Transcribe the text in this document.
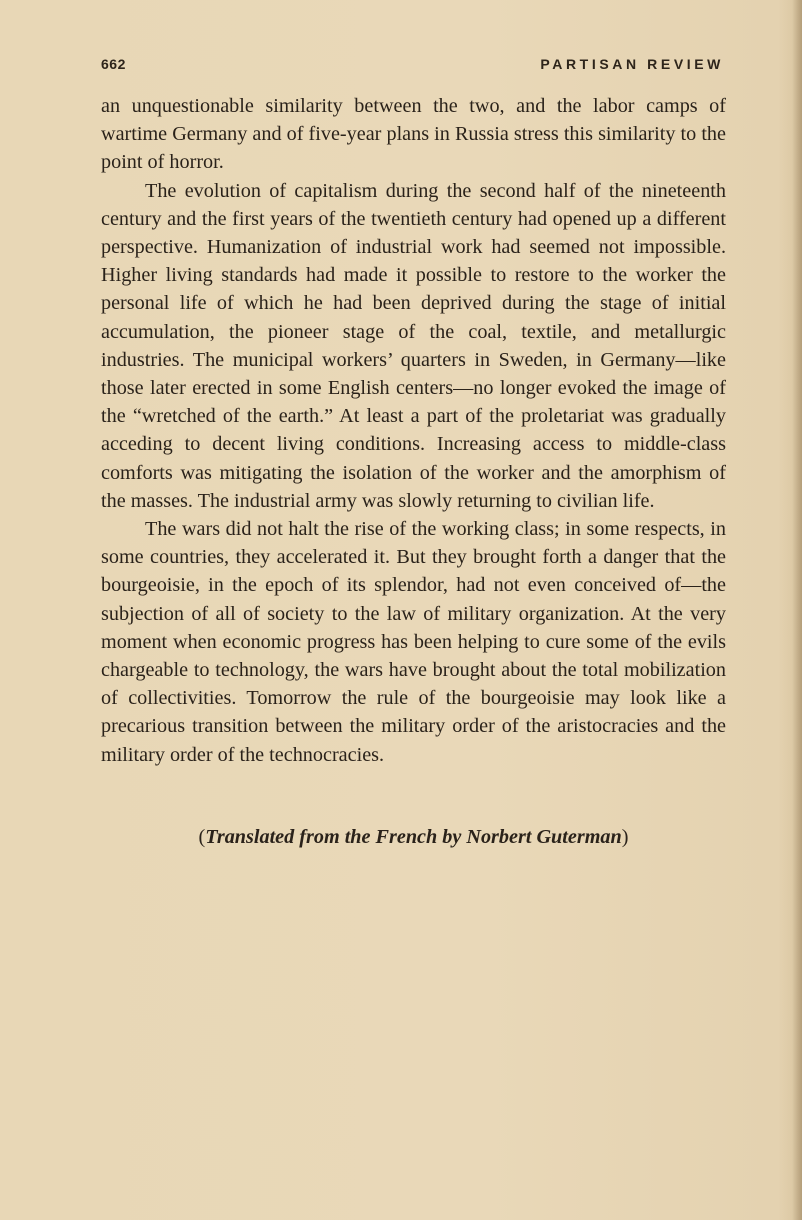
662	PARTISAN REVIEW

an unquestionable similarity between the two, and the labor camps of wartime Germany and of five-year plans in Russia stress this similarity to the point of horror.

The evolution of capitalism during the second half of the nineteenth century and the first years of the twentieth century had opened up a different perspective. Humanization of industrial work had seemed not impossible. Higher living standards had made it possible to restore to the worker the personal life of which he had been deprived during the stage of initial accumulation, the pioneer stage of the coal, textile, and metallurgic industries. The municipal workers’ quarters in Sweden, in Germany—like those later erected in some English centers—no longer evoked the image of the “wretched of the earth.” At least a part of the proletariat was gradually acceding to decent living conditions. Increasing access to middle-class comforts was mitigating the isolation of the worker and the amorphism of the masses. The industrial army was slowly returning to civilian life.

The wars did not halt the rise of the working class; in some respects, in some countries, they accelerated it. But they brought forth a danger that the bourgeoisie, in the epoch of its splendor, had not even conceived of—the subjection of all of society to the law of military organization. At the very moment when economic progress has been helping to cure some of the evils chargeable to technology, the wars have brought about the total mobilization of collectivities. Tomorrow the rule of the bourgeoisie may look like a precarious transition between the military order of the aristocracies and the military order of the technocracies.

(Translated from the French by Norbert Guterman)
